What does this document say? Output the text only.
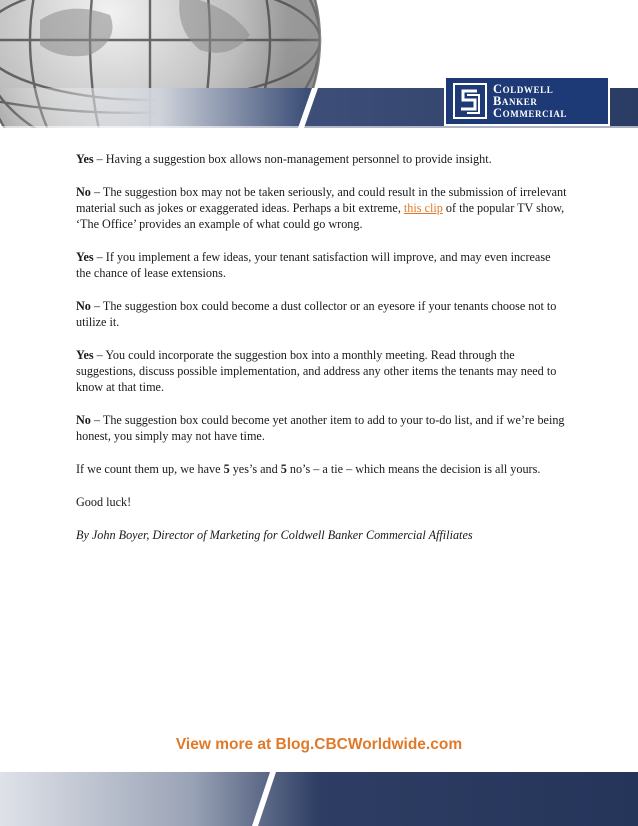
Coldwell
Banker
Commercial

Yes – Having a suggestion box allows non-management personnel to provide insight.

No – The suggestion box may not be taken seriously, and could result in the submission of irrelevant material such as jokes or exaggerated ideas. Perhaps a bit extreme, this clip of the popular TV show, ‘The Office’ provides an example of what could go wrong.

Yes – If you implement a few ideas, your tenant satisfaction will improve, and may even increase the chance of lease extensions.

No – The suggestion box could become a dust collector or an eyesore if your tenants choose not to utilize it.

Yes – You could incorporate the suggestion box into a monthly meeting. Read through the suggestions, discuss possible implementation, and address any other items the tenants may need to know at that time.

No – The suggestion box could become yet another item to add to your to-do list, and if we’re being honest, you simply may not have time.

If we count them up, we have 5 yes’s and 5 no’s – a tie – which means the decision is all yours.

Good luck!

By John Boyer, Director of Marketing for Coldwell Banker Commercial Affiliates

View more at Blog.CBCWorldwide.com
